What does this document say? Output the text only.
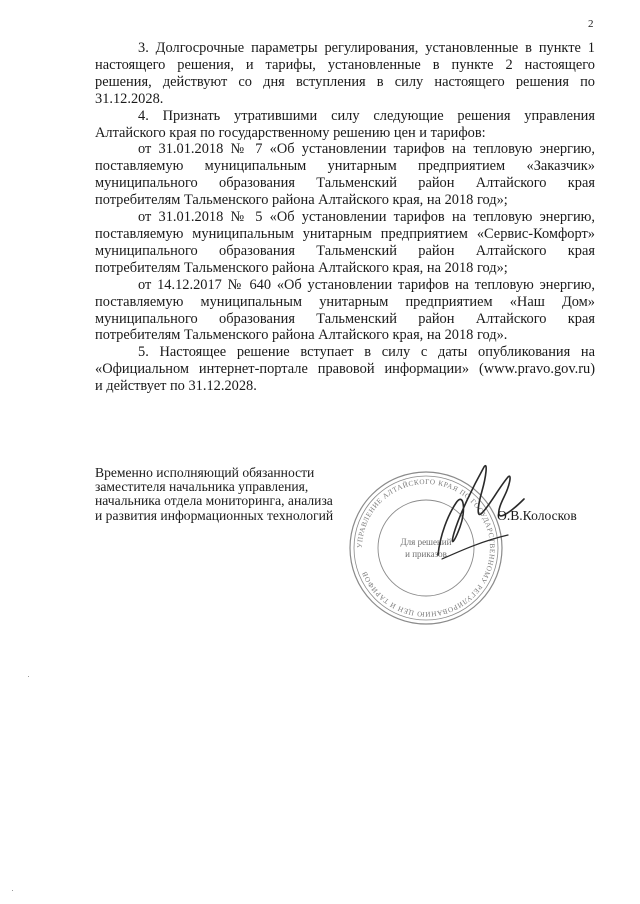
2
3. Долгосрочные параметры регулирования, установленные в пункте 1
настоящего решения, и тарифы, установленные в пункте 2 настоящего
решения, действуют со дня вступления в силу настоящего решения по
31.12.2028.
4. Признать утратившими силу следующие решения управления
Алтайского края по государственному решению цен и тарифов:
от 31.01.2018 № 7 «Об установлении тарифов на тепловую энергию,
поставляемую муниципальным унитарным предприятием «Заказчик»
муниципального образования Тальменский район Алтайского края
потребителям Тальменского района Алтайского края, на 2018 год»;
от 31.01.2018 № 5 «Об установлении тарифов на тепловую энергию,
поставляемую муниципальным унитарным предприятием «Сервис-Комфорт»
муниципального образования Тальменский район Алтайского края
потребителям Тальменского района Алтайского края, на 2018 год»;
от 14.12.2017 № 640 «Об установлении тарифов на тепловую энергию,
поставляемую муниципальным унитарным предприятием «Наш Дом»
муниципального образования Тальменский район Алтайского края
потребителям Тальменского района Алтайского края, на 2018 год».
5. Настоящее решение вступает в силу с даты опубликования на
«Официальном интернет-портале правовой информации» (www.pravo.gov.ru)
и действует по 31.12.2028.
Временно исполняющий обязанности
заместителя начальника управления,
начальника отдела мониторинга, анализа
и развития информационных технологий
УПРАВЛЕНИЕ АЛТАЙСКОГО КРАЯ ПО ГОСУДАРСТВЕННОМУ РЕГУЛИРОВАНИЮ ЦЕН И ТАРИФОВ
Для решений
и приказов
О.В.Колосков
